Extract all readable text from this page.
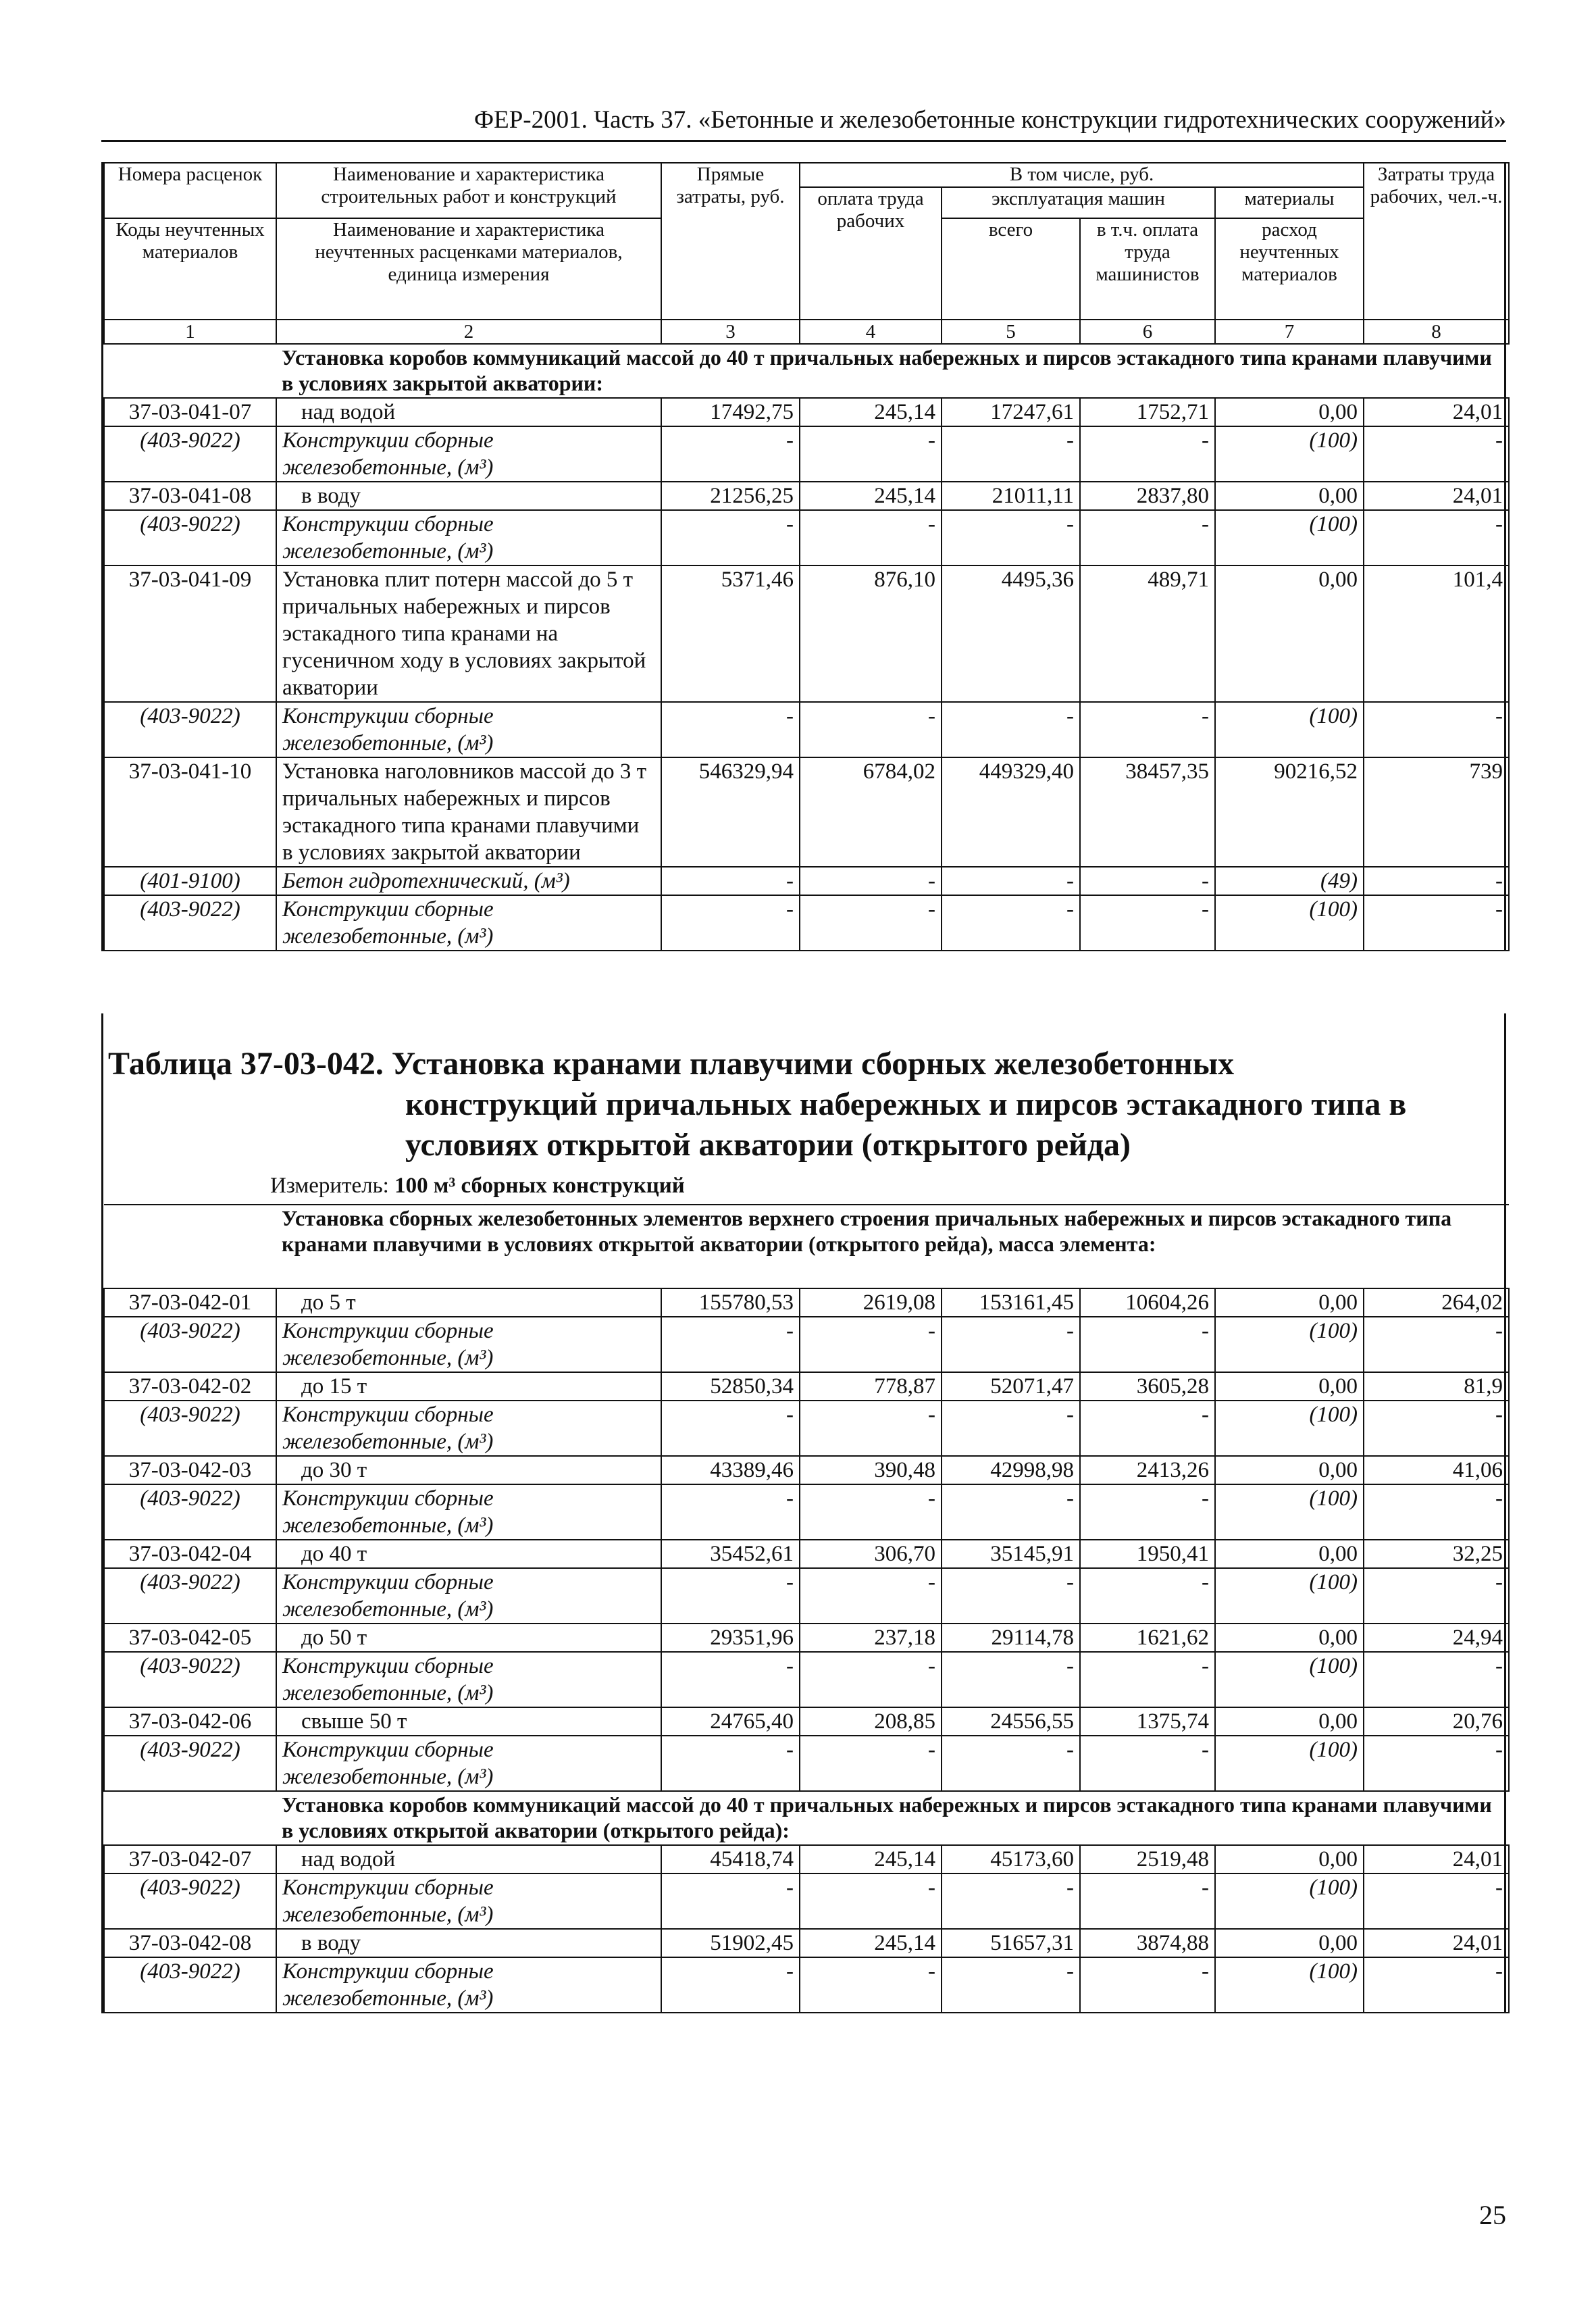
ФЕР-2001. Часть 37. «Бетонные и железобетонные конструкции гидротехнических сооружений»
Номера расценок	Наименование и характеристика строительных работ и конструкций	Прямые затраты, руб.	В том числе, руб.				Затраты труда рабочих, чел.-ч.
			оплата труда рабочих	эксплуатация машин		материалы	
Коды неучтенных материалов	Наименование и характеристика неучтенных расценками материалов, единица измерения			всего	в т.ч. оплата труда машинистов	расход неучтенных материалов	

1	2	3	4	5	6	7	8
	Установка коробов коммуникаций массой до 40 т причальных набережных и пирсов эстакадного типа кранами плавучими в условиях закрытой акватории:						
37-03-041-07	над водой	17492,75	245,14	17247,61	1752,71	0,00	24,01
(403-9022)	Конструкции сборные железобетонные, (м³)	-	-	-	-	(100)	-
37-03-041-08	в воду	21256,25	245,14	21011,11	2837,80	0,00	24,01
(403-9022)	Конструкции сборные железобетонные, (м³)	-	-	-	-	(100)	-
37-03-041-09	Установка плит потерн массой до 5 т причальных набережных и пирсов эстакадного типа кранами на гусеничном ходу в условиях закрытой акватории	5371,46	876,10	4495,36	489,71	0,00	101,4
(403-9022)	Конструкции сборные железобетонные, (м³)	-	-	-	-	(100)	-
37-03-041-10	Установка наголовников массой до 3 т причальных набережных и пирсов эстакадного типа кранами плавучими в условиях закрытой акватории	546329,94	6784,02	449329,40	38457,35	90216,52	739
(401-9100)	Бетон гидротехнический, (м³)	-	-	-	-	(49)	-
(403-9022)	Конструкции сборные железобетонные, (м³)	-	-	-	-	(100)	-
Таблица 37-03-042. Установка кранами плавучими сборных железобетонных
конструкций причальных набережных и пирсов эстакадного типа в
условиях открытой акватории (открытого рейда)
Измеритель: 100 м³ сборных конструкций
	Установка сборных железобетонных элементов верхнего строения причальных набережных и пирсов эстакадного типа кранами плавучими в условиях открытой акватории (открытого рейда), масса элемента:						
37-03-042-01	до 5 т	155780,53	2619,08	153161,45	10604,26	0,00	264,02
(403-9022)	Конструкции сборные железобетонные, (м³)	-	-	-	-	(100)	-
37-03-042-02	до 15 т	52850,34	778,87	52071,47	3605,28	0,00	81,9
(403-9022)	Конструкции сборные железобетонные, (м³)	-	-	-	-	(100)	-
37-03-042-03	до 30 т	43389,46	390,48	42998,98	2413,26	0,00	41,06
(403-9022)	Конструкции сборные железобетонные, (м³)	-	-	-	-	(100)	-
37-03-042-04	до 40 т	35452,61	306,70	35145,91	1950,41	0,00	32,25
(403-9022)	Конструкции сборные железобетонные, (м³)	-	-	-	-	(100)	-
37-03-042-05	до 50 т	29351,96	237,18	29114,78	1621,62	0,00	24,94
(403-9022)	Конструкции сборные железобетонные, (м³)	-	-	-	-	(100)	-
37-03-042-06	свыше 50 т	24765,40	208,85	24556,55	1375,74	0,00	20,76
(403-9022)	Конструкции сборные железобетонные, (м³)	-	-	-	-	(100)	-
	Установка коробов коммуникаций массой до 40 т причальных набережных и пирсов эстакадного типа кранами плавучими в условиях открытой акватории (открытого рейда):						
37-03-042-07	над водой	45418,74	245,14	45173,60	2519,48	0,00	24,01
(403-9022)	Конструкции сборные железобетонные, (м³)	-	-	-	-	(100)	-
37-03-042-08	в воду	51902,45	245,14	51657,31	3874,88	0,00	24,01
(403-9022)	Конструкции сборные железобетонные, (м³)	-	-	-	-	(100)	-
25
